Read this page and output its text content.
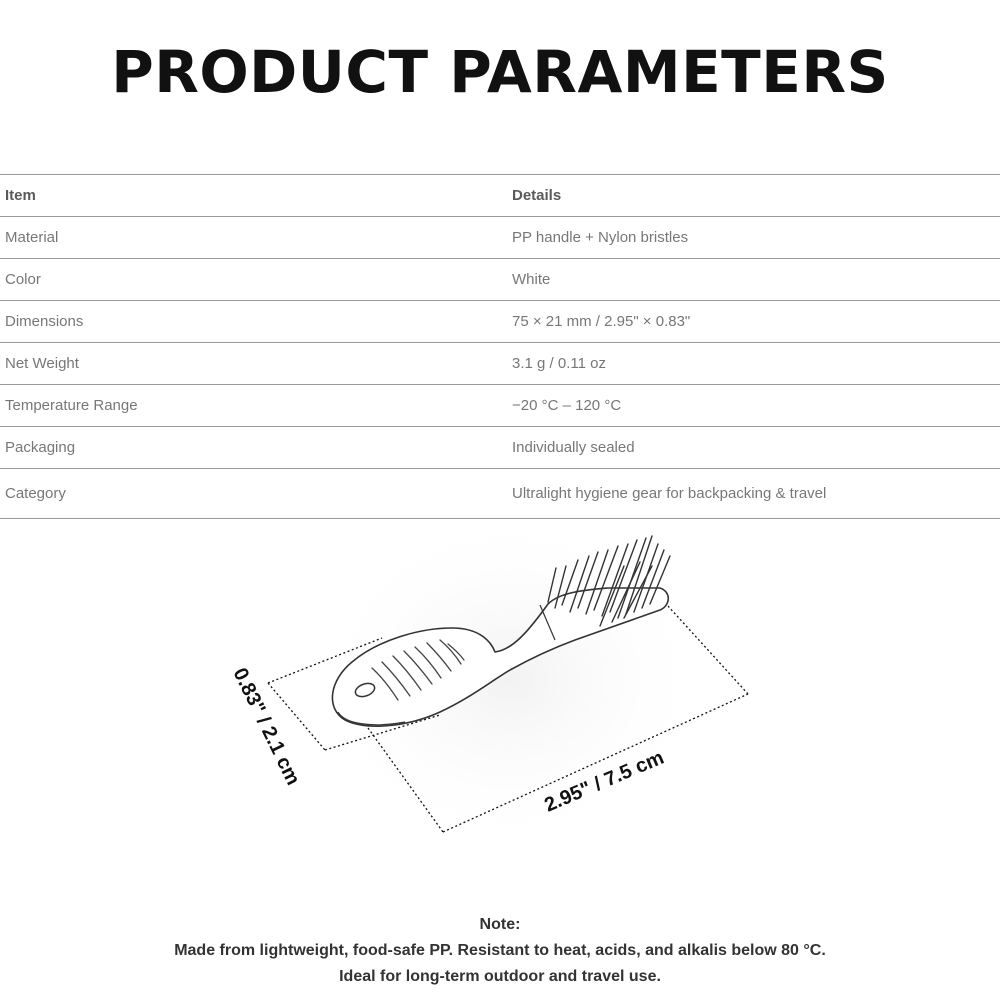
PRODUCT PARAMETERS
Item	Details
Material	PP handle + Nylon bristles
Color	White
Dimensions	75 × 21 mm / 2.95" × 0.83"
Net Weight	3.1 g / 0.11 oz
Temperature Range	−20 °C – 120 °C
Packaging	Individually sealed
Category	Ultralight hygiene gear for backpacking & travel
0.83" / 2.1 cm	2.95" / 7.5 cm
Note:
Made from lightweight, food-safe PP. Resistant to heat, acids, and alkalis below 80 °C.
Ideal for long-term outdoor and travel use.
